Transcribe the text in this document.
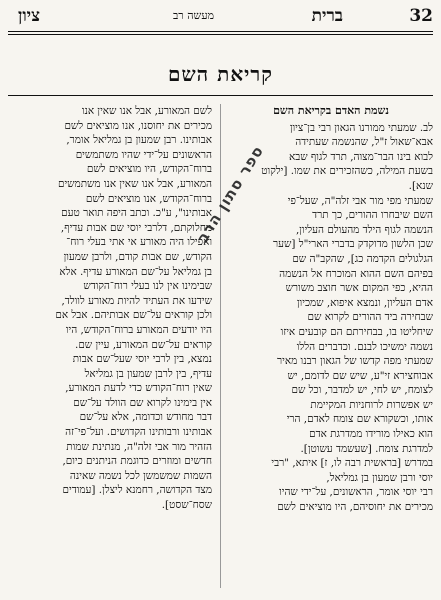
32
ברית
מעשה רב
ציון
קריאת השם
נשמת האדם בקריאת השם
לב. שמעתי ממורנו הגאון רבי בן־ציון
אבא־שאול ז"ל, שהנשמה שעתידה
לבוא בינו הבר־מצוה, תרד לגוף שבא
בשעת המילה, כשהזכירים את שמו. [ילקוט
שנא].
שמעתי מפי מור אבי זלה"ה, שעל־פי
השם שיבחרו ההורים, כך תרד
הנשמה לגוף הילד מהעולם העליון,
שכן הלשון מדוקדק בדברי הארי"ל [שער
הגלגולים הקדמה כג], שהקב"ה שם
בפיהם השם ההוא המוכרח אל הנשמה
ההיא, כפי המקום אשר חוצב משורש
אדם העליון, ונמצא איפוא, שמכיון
שבחירה ביד ההורים לקרוא שם
שיחליטו בו, בבחירתם הם קובעים איזו
נשמה ימשיכו לבנם. וכדברים הללו
שמעתי מפה קדשו של הגאון רבנו מאיר
אבוחצירא זי"ע, שיש שם לדומם, יש
לצומח, יש לחי, יש למדבר, וכל שם
יש אפשרות לרוחניות המקיימת
אותו, וכשקורא שם צומח לאדם, הרי
הוא כאילו מורידו ממדרגת אדם
למדרגת צומח. [שעשמד עשוטן].
במדרש [בראשית רבה לו, ז] איתא, "רבי
יוסי ורבן שמעון בן גמליאל,
רבי יוסי אומר, הראשונים, על־ידי שהיו
מכירים את יחוסיהם, היו מוציאים לשם
לשם המאורע, אבל אנו שאין אנו
מכירים את יחוסנו, אנו מוציאים לשם
אבותינו. רבן שמעון בן גמליאל אומר,
הראשונים על־ידי שהיו משתמשים
ברוח־הקודש, היו מוציאים לשם
המאורע, אבל אנו שאין אנו משתמשים
ברוח־הקודש, אנו מוציאים לשם
אבותינו", ע"כ. וכתב היפה תואר טעם
מחלוקתם, דלרבי יוסי שם אבות עדיף,
ואפילו היה מאורע אי אתי בעלי רוח־
הקודש, שם אבות קודם, ולרבן שמעון
בן גמליאל על־שם המאורע עדיף. אלא
שבימינו אין לנו בעלי רוח־הקודש
שידעו את העתיד להיות מאורע לוולד,
ולכן קוראים על־שם אבותיהם. אבל אם
היו יודעים המאורע ברוח־הקודש, היו
קוראים על־שם המאורע, עיין שם.
נמצא, בין לרבי יוסי שעל־שם אבות
עדיף, בין לרבן שמעון בן גמליאל
שאין רוח־הקודש כדי לדעת המאורע,
אין בימינו לקרוא שם הוולד על־שם
דבר מחודש וכדומה, אלא על־שם
אבותינו ורבותינו הקדושים. ועל־פי־זה
הזהיר מור אבי זלה"ה, מנתינת שמות
חדשים ומוזרים כדוגמת הניתנים כיום,
השמות שמשמשן לכל נשמה שאינה
מצד הקדושה, רחמנא ליצלן. [עמודים
שסח־שסט].
ספר סתון הרב
